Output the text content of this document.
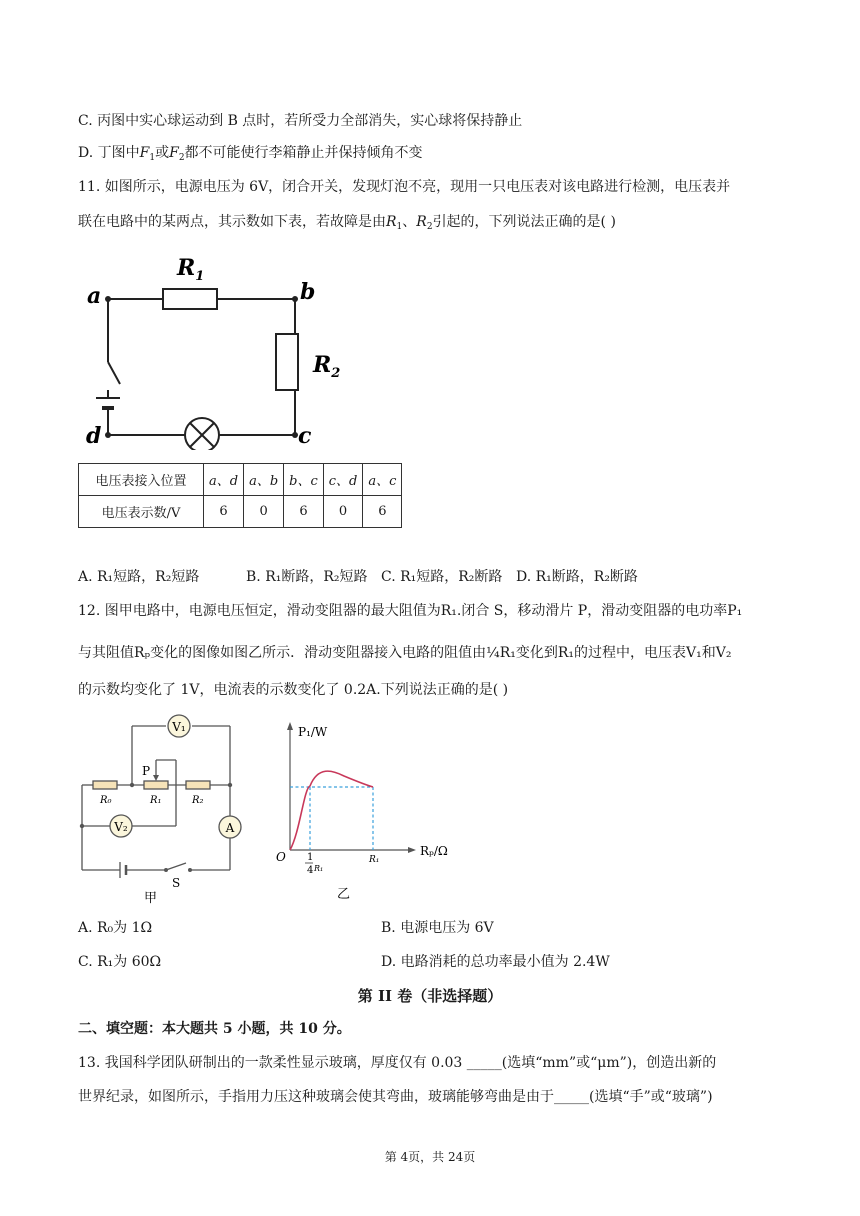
C. 丙图中实心球运动到 B 点时，若所受力全部消失，实心球将保持静止
D. 丁图中$F_1$或$F_2$都不可能使行李箱静止并保持倾角不变
11. 如图所示，电源电压为 6V，闭合开关，发现灯泡不亮，现用一只电压表对该电路进行检测，电压表并
联在电路中的某两点，其示数如下表，若故障是由$R_1$、$R_2$引起的，下列说法正确的是( )
$R_1$
$R_2$
a	b
c
d
电压表接入位置	a、d	a、b	b、c	c、d	a、c
电压表示数/V	6	0	6	0	6
A. R₁短路，R₂短路	B. R₁断路，R₂短路 C. R₁短路，R₂断路 D. R₁断路，R₂断路
12. 图甲电路中，电源电压恒定，滑动变阻器的最大阻值为R₁.闭合 S，移动滑片 P，滑动变阻器的电功率P₁
与其阻值Rₚ变化的图像如图乙所示．滑动变阻器接入电路的阻值由¼R₁变化到R₁的过程中，电压表V₁和V₂
的示数均变化了 1V，电流表的示数变化了 0.2A.下列说法正确的是( )
V₁
V₂	A
P
R₀	R₁	R₂
S
甲
P₁/W
Rₚ/Ω
O 1
4 R₁
R₁
乙
A. R₀为 1Ω	B. 电源电压为 6V
C. R₁为 60Ω	D. 电路消耗的总功率最小值为 2.4W
第 II 卷（非选择题）
二、填空题：本大题共 5 小题，共 10 分。
13. 我国科学团队研制出的一款柔性显示玻璃，厚度仅有 0.03 _____(选填“mm”或“μm”)，创造出新的
世界纪录，如图所示，手指用力压这种玻璃会使其弯曲，玻璃能够弯曲是由于_____(选填“手”或“玻璃”)
第 4页，共 24页
